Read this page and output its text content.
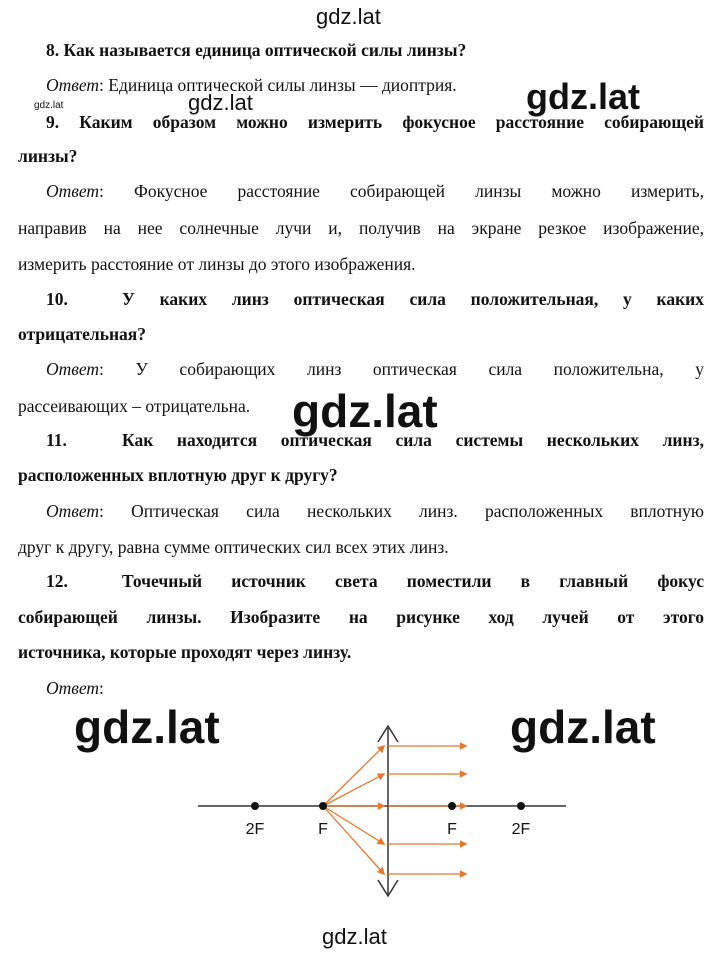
gdz.lat
gdz.lat	gdz.lat	gdz.lat
8. Как называется единица оптической силы линзы?
Ответ: Единица оптической силы линзы — диоптрия.
9. Каким образом можно измерить фокусное расстояние собирающей
линзы?
Ответ: Фокусное расстояние собирающей линзы можно измерить,
направив на нее солнечные лучи и, получив на экране резкое изображение,
измерить расстояние от линзы до этого изображения.
10.	У каких линз оптическая сила положительная, у каких
отрицательная?
Ответ: У собирающих линз оптическая сила положительна, у
рассеивающих – отрицательна. gdz.lat
11.	Как находится оптическая сила системы нескольких линз,
расположенных вплотную друг к другу?
Ответ: Оптическая сила нескольких линз. расположенных вплотную
друг к другу, равна сумме оптических сил всех этих линз.
12.	Точечный источник света поместили в главный фокус
собирающей линзы. Изобразите на рисунке ход лучей от этого
источника, которые проходят через линзу.
Ответ:
gdz.lat	gdz.lat
2F	F	F	2F
gdz.lat
